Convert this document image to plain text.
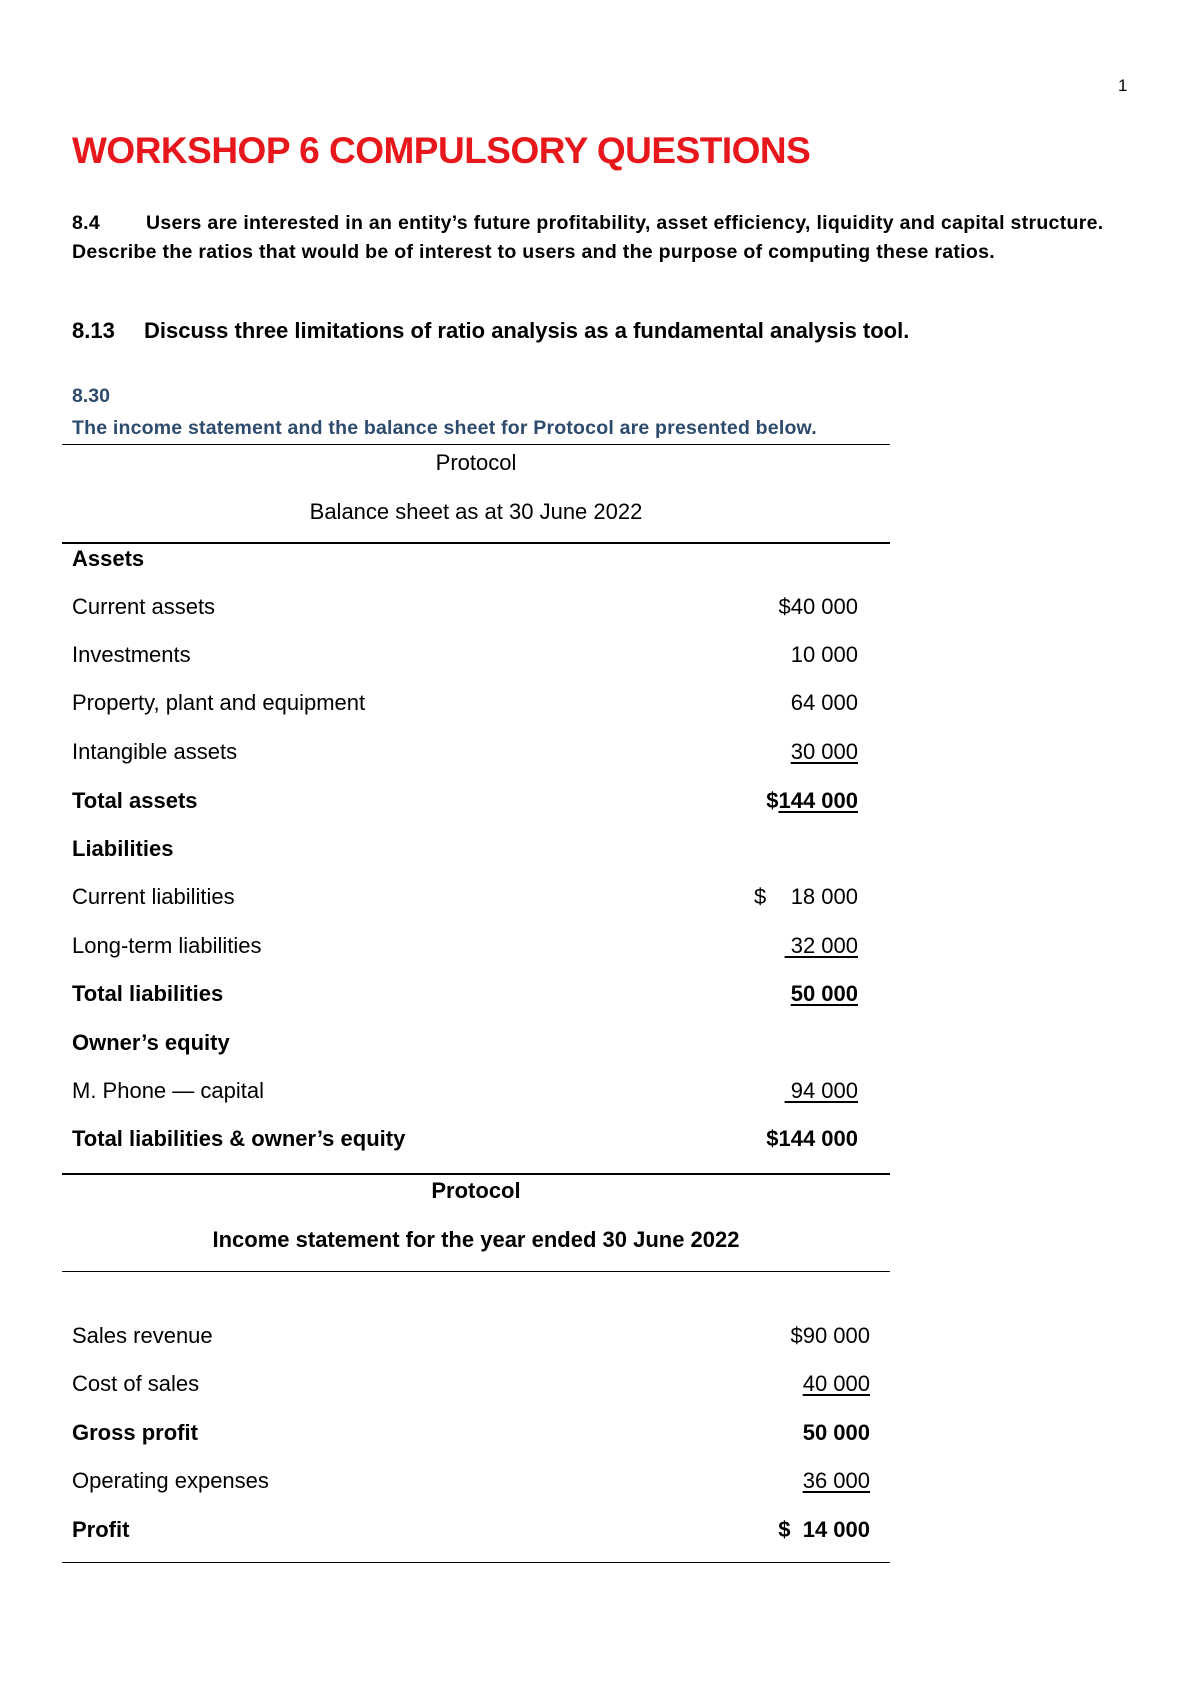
1
WORKSHOP 6 COMPULSORY QUESTIONS
8.4 Users are interested in an entity’s future profitability, asset efficiency, liquidity and capital structure. Describe the ratios that would be of interest to users and the purpose of computing these ratios.
8.13 Discuss three limitations of ratio analysis as a fundamental analysis tool.
8.30
The income statement and the balance sheet for Protocol are presented below.
Protocol
Balance sheet as at 30 June 2022
Assets
Current assets	$40 000
Investments	10 000
Property, plant and equipment	64 000
Intangible assets	30 000
Total assets	$144 000
Liabilities
Current liabilities	$    18 000
Long-term liabilities	32 000
Total liabilities	50 000
Owner’s equity
M. Phone — capital	94 000
Total liabilities & owner’s equity	$144 000
Protocol
Income statement for the year ended 30 June 2022
Sales revenue	$90 000
Cost of sales	40 000
Gross profit	50 000
Operating expenses	36 000
Profit	$  14 000
